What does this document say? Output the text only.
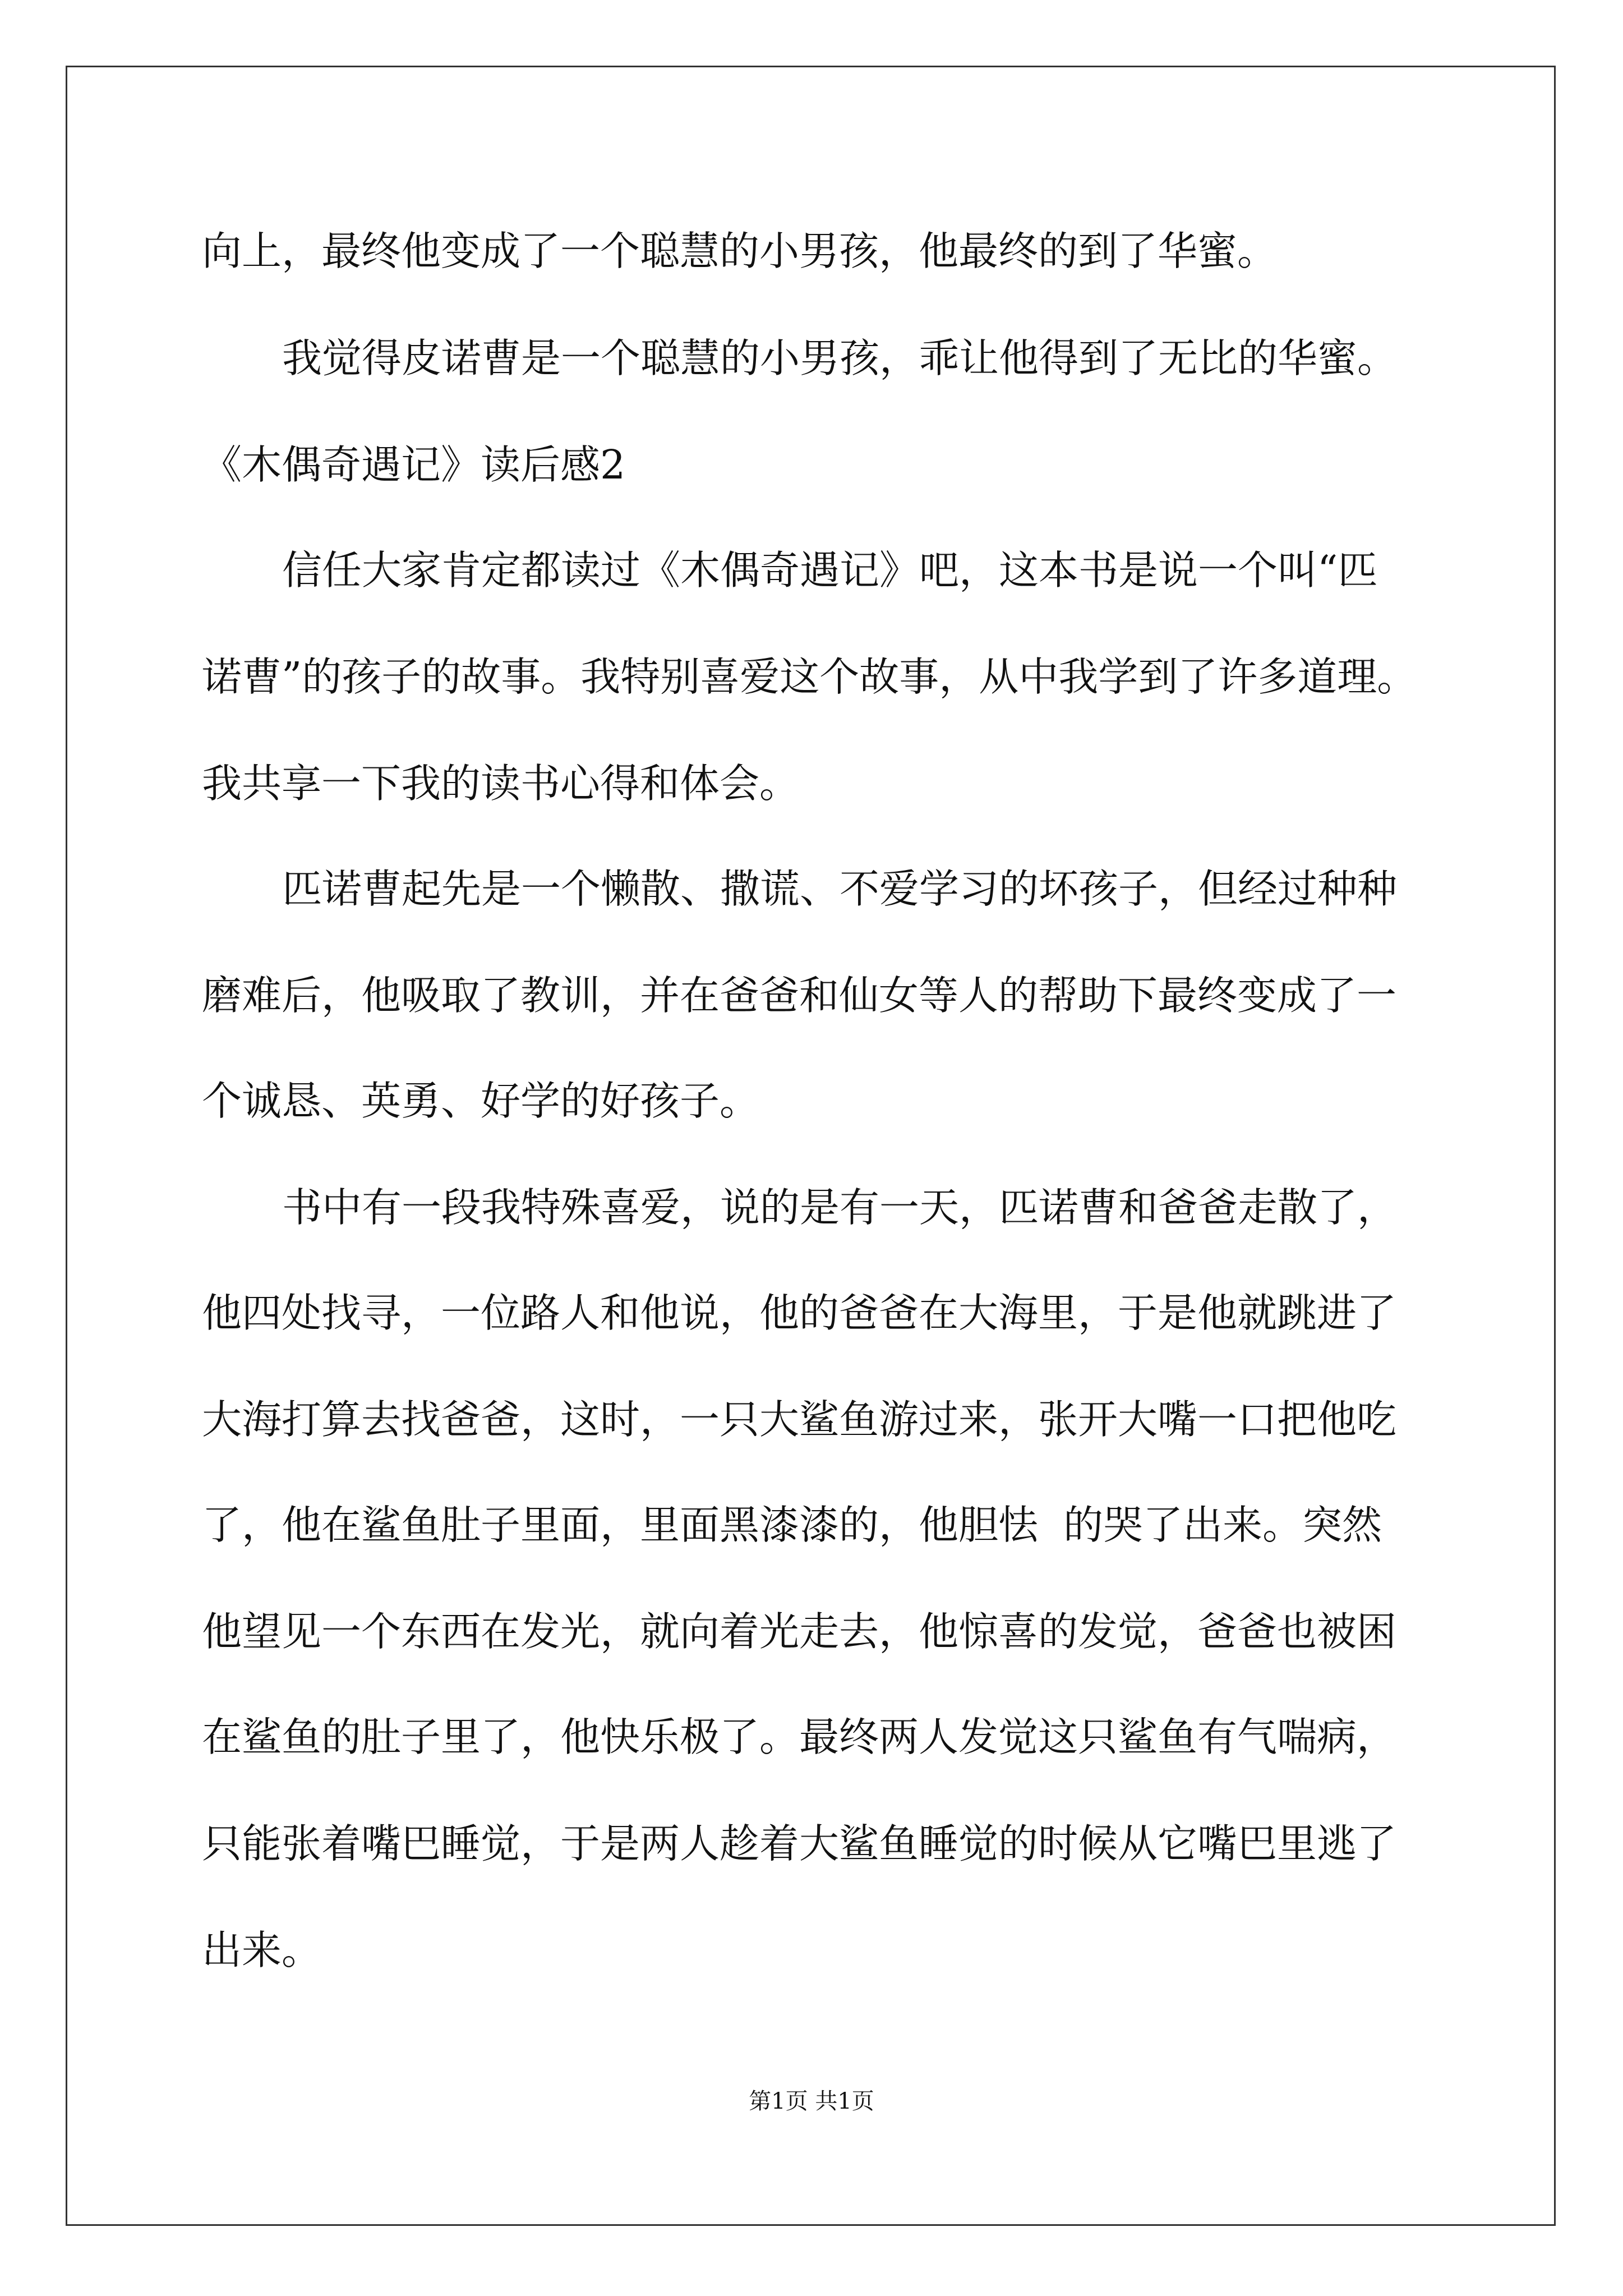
向上，最终他变成了一个聪慧的小男孩，他最终的到了华蜜。
我觉得皮诺曹是一个聪慧的小男孩，乖让他得到了无比的华蜜。
《木偶奇遇记》读后感2
信任大家肯定都读过《木偶奇遇记》吧，这本书是说一个叫“匹
诺曹”的孩子的故事。我特别喜爱这个故事，从中我学到了许多道理。
我共享一下我的读书心得和体会。
匹诺曹起先是一个懒散、撒谎、不爱学习的坏孩子，但经过种种
磨难后，他吸取了教训，并在爸爸和仙女等人的帮助下最终变成了一
个诚恳、英勇、好学的好孩子。
书中有一段我特殊喜爱，说的是有一天，匹诺曹和爸爸走散了，
他四处找寻，一位路人和他说，他的爸爸在大海里，于是他就跳进了
大海打算去找爸爸，这时，一只大鲨鱼游过来，张开大嘴一口把他吃
了，他在鲨鱼肚子里面，里面黑漆漆的，他胆怯  的哭了出来。突然
他望见一个东西在发光，就向着光走去，他惊喜的发觉，爸爸也被困
在鲨鱼的肚子里了，他快乐极了。最终两人发觉这只鲨鱼有气喘病，
只能张着嘴巴睡觉，于是两人趁着大鲨鱼睡觉的时候从它嘴巴里逃了
出来。
第1页 共1页
